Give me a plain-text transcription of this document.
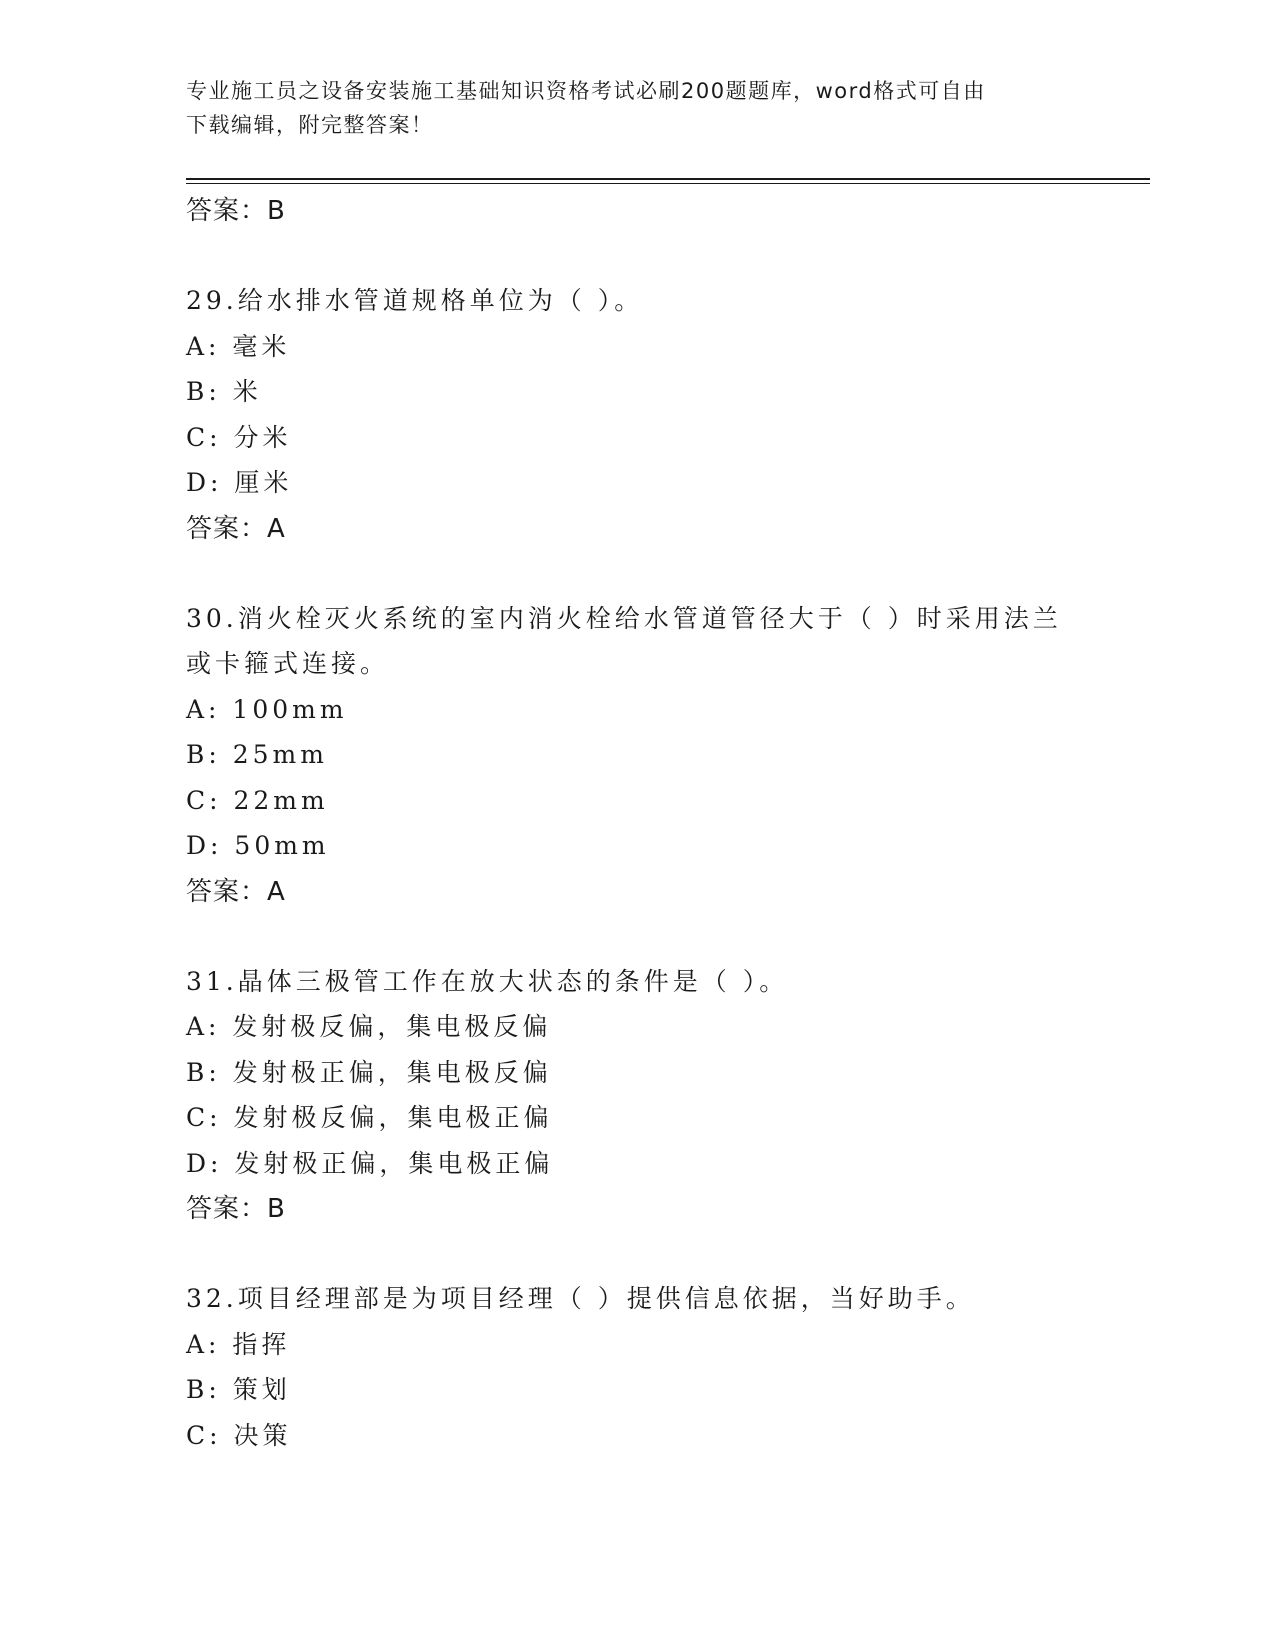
专业施工员之设备安装施工基础知识资格考试必刷200题题库，word格式可自由
下载编辑，附完整答案！
答案：B
29.给水排水管道规格单位为（ ）。
A: 毫米
B: 米
C: 分米
D: 厘米
答案：A
30.消火栓灭火系统的室内消火栓给水管道管径大于（ ）时采用法兰
或卡箍式连接。
A: 100mm
B: 25mm
C: 22mm
D: 50mm
答案：A
31.晶体三极管工作在放大状态的条件是（ ）。
A: 发射极反偏，集电极反偏
B: 发射极正偏，集电极反偏
C: 发射极反偏，集电极正偏
D: 发射极正偏，集电极正偏
答案：B
32.项目经理部是为项目经理（ ）提供信息依据，当好助手。
A: 指挥
B: 策划
C: 决策
